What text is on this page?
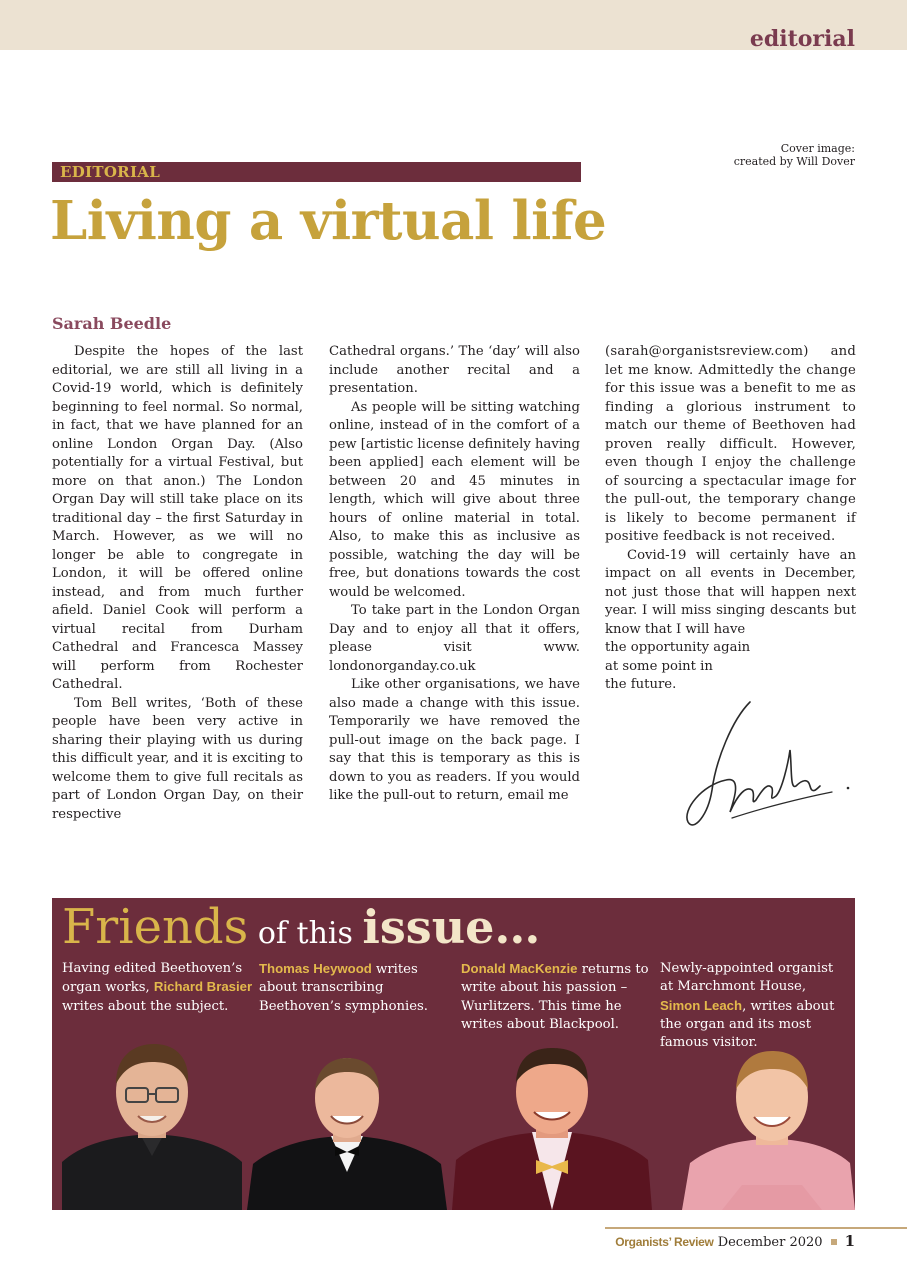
editorial
Cover image:
created by Will Dover
EDITORIAL
Living a virtual life
Sarah Beedle

Despite the hopes of the last editorial, we are still all living in a Covid-19 world, which is definitely beginning to feel normal. So normal, in fact, that we have planned for an online London Organ Day. (Also potentially for a virtual Festival, but more on that anon.) The London Organ Day will still take place on its traditional day – the first Saturday in March. However, as we will no longer be able to congregate in London, it will be offered online instead, and from much further afield. Daniel Cook will perform a virtual recital from Durham Cathedral and Francesca Massey will perform from Rochester Cathedral.

Tom Bell writes, ‘Both of these people have been very active in sharing their playing with us during this difficult year, and it is exciting to welcome them to give full recitals as part of London Organ Day, on their respective

Cathedral organs.’ The ‘day’ will also include another recital and a presentation.

As people will be sitting watching online, instead of in the comfort of a pew [artistic license definitely having been applied] each element will be between 20 and 45 minutes in length, which will give about three hours of online material in total. Also, to make this as inclusive as possible, watching the day will be free, but donations towards the cost would be welcomed.

To take part in the London Organ Day and to enjoy all that it offers, please visit www. londonorganday.co.uk

Like other organisations, we have also made a change with this issue. Temporarily we have removed the pull-out image on the back page. I say that this is temporary as this is down to you as readers. If you would like the pull-out to return, email me

(sarah@organistsreview.com) and let me know. Admittedly the change for this issue was a benefit to me as finding a glorious instrument to match our theme of Beethoven had proven really difficult. However, even though I enjoy the challenge of sourcing a spectacular image for the pull-out, the temporary change is likely to become permanent if positive feedback is not received.

Covid-19 will certainly have an impact on all events in December, not just those that will happen next year. I will miss singing descants but know that I will have

the opportunity again
at some point in
the future.
Friends of this issue…
Having edited Beethoven’s organ works, Richard Brasier writes about the subject.
Thomas Heywood writes about transcribing Beethoven’s symphonies.
Donald MacKenzie returns to write about his passion – Wurlitzers. This time he writes about Blackpool.
Newly-appointed organist at Marchmont House, Simon Leach, writes about the organ and its most famous visitor.
Organists’ Review December 2020 1
